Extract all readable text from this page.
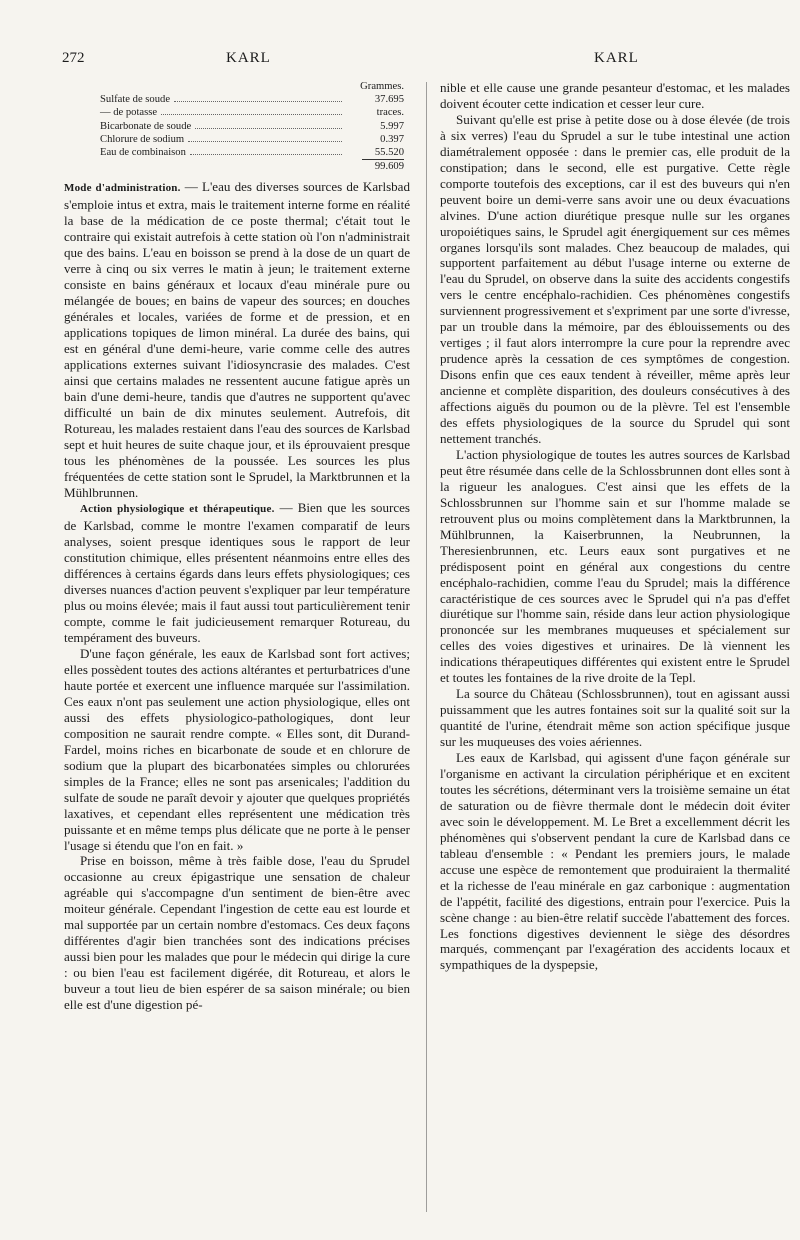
272	KARL	KARL
Grammes.
Sulfate de soude	37.695
— de potasse	traces.
Bicarbonate de soude	5.997
Chlorure de sodium	0.397
Eau de combinaison	55.520
99.609

Mode d'administration. — L'eau des diverses sources de Karlsbad s'emploie intus et extra, mais le traitement interne forme en réalité la base de la médication de ce poste thermal; c'était tout le contraire qui existait autrefois à cette station où l'on n'administrait que des bains. L'eau en boisson se prend à la dose de un quart de verre à cinq ou six verres le matin à jeun; le traitement externe consiste en bains généraux et locaux d'eau minérale pure ou mélangée de boues; en bains de vapeur des sources; en douches générales et locales, variées de forme et de pression, et en applications topiques de limon minéral. La durée des bains, qui est en général d'une demi-heure, varie comme celle des autres applications externes suivant l'idiosyncrasie des malades. C'est ainsi que certains malades ne ressentent aucune fatigue après un bain d'une demi-heure, tandis que d'autres ne supportent qu'avec difficulté un bain de dix minutes seulement. Autrefois, dit Rotureau, les malades restaient dans l'eau des sources de Karlsbad sept et huit heures de suite chaque jour, et ils éprouvaient presque tous les phénomènes de la poussée. Les sources les plus fréquentées de cette station sont le Sprudel, la Marktbrunnen et la Mühlbrunnen.

Action physiologique et thérapeutique. — Bien que les sources de Karlsbad, comme le montre l'examen comparatif de leurs analyses, soient presque identiques sous le rapport de leur constitution chimique, elles présentent néanmoins entre elles des différences à certains égards dans leurs effets physiologiques; ces diverses nuances d'action peuvent s'expliquer par leur température plus ou moins élevée; mais il faut aussi tout particulièrement tenir compte, comme le fait judicieusement remarquer Rotureau, du tempérament des buveurs.

D'une façon générale, les eaux de Karlsbad sont fort actives; elles possèdent toutes des actions altérantes et perturbatrices d'une haute portée et exercent une influence marquée sur l'assimilation. Ces eaux n'ont pas seulement une action physiologique, elles ont aussi des effets physiologico-pathologiques, dont leur composition ne saurait rendre compte. « Elles sont, dit Durand-Fardel, moins riches en bicarbonate de soude et en chlorure de sodium que la plupart des bicarbonatées simples ou chlorurées simples de la France; elles ne sont pas arsenicales; l'addition du sulfate de soude ne paraît devoir y ajouter que quelques propriétés laxatives, et cependant elles représentent une médication très puissante et en même temps plus délicate que ne porte à le penser l'usage si étendu que l'on en fait. »

Prise en boisson, même à très faible dose, l'eau du Sprudel occasionne au creux épigastrique une sensation de chaleur agréable qui s'accompagne d'un sentiment de bien-être avec moiteur générale. Cependant l'ingestion de cette eau est lourde et mal supportée par un certain nombre d'estomacs. Ces deux façons différentes d'agir bien tranchées sont des indications précises aussi bien pour les malades que pour le médecin qui dirige la cure : ou bien l'eau est facilement digérée, dit Rotureau, et alors le buveur a tout lieu de bien espérer de sa saison minérale; ou bien elle est d'une digestion pé-

nible et elle cause une grande pesanteur d'estomac, et les malades doivent écouter cette indication et cesser leur cure.

Suivant qu'elle est prise à petite dose ou à dose élevée (de trois à six verres) l'eau du Sprudel a sur le tube intestinal une action diamétralement opposée : dans le premier cas, elle produit de la constipation; dans le second, elle est purgative. Cette règle comporte toutefois des exceptions, car il est des buveurs qui n'en peuvent boire un demi-verre sans avoir une ou deux évacuations alvines. D'une action diurétique presque nulle sur les organes uropoiétiques sains, le Sprudel agit énergiquement sur ces mêmes organes lorsqu'ils sont malades. Chez beaucoup de malades, qui supportent parfaitement au début l'usage interne ou externe de l'eau du Sprudel, on observe dans la suite des accidents congestifs vers le centre encéphalo-rachidien. Ces phénomènes congestifs surviennent progressivement et s'expriment par une sorte d'ivresse, par un trouble dans la mémoire, par des éblouissements ou des vertiges ; il faut alors interrompre la cure pour la reprendre avec prudence après la cessation de ces symptômes de congestion. Disons enfin que ces eaux tendent à réveiller, même après leur ancienne et complète disparition, des douleurs consécutives à des affections aiguës du poumon ou de la plèvre. Tel est l'ensemble des effets physiologiques de la source du Sprudel qui sont nettement tranchés.

L'action physiologique de toutes les autres sources de Karlsbad peut être résumée dans celle de la Schlossbrunnen dont elles sont à la rigueur les analogues. C'est ainsi que les effets de la Schlossbrunnen sur l'homme sain et sur l'homme malade se retrouvent plus ou moins complètement dans la Marktbrunnen, la Mühlbrunnen, la Kaiserbrunnen, la Neubrunnen, la Theresienbrunnen, etc. Leurs eaux sont purgatives et ne prédisposent point en général aux congestions du centre encéphalo-rachidien, comme l'eau du Sprudel; mais la différence caractéristique de ces sources avec le Sprudel qui n'a pas d'effet diurétique sur l'homme sain, réside dans leur action physiologique prononcée sur les membranes muqueuses et spécialement sur celles des voies digestives et urinaires. De là viennent les indications thérapeutiques différentes qui existent entre le Sprudel et toutes les fontaines de la rive droite de la Tepl.

La source du Château (Schlossbrunnen), tout en agissant aussi puissamment que les autres fontaines soit sur la qualité soit sur la quantité de l'urine, étendrait même son action spécifique jusque sur les muqueuses des voies aériennes.

Les eaux de Karlsbad, qui agissent d'une façon générale sur l'organisme en activant la circulation périphérique et en excitent toutes les sécrétions, déterminant vers la troisième semaine un état de saturation ou de fièvre thermale dont le médecin doit éviter avec soin le développement. M. Le Bret a excellemment décrit les phénomènes qui s'observent pendant la cure de Karlsbad dans ce tableau d'ensemble : « Pendant les premiers jours, le malade accuse une espèce de remontement que produiraient la thermalité et la richesse de l'eau minérale en gaz carbonique : augmentation de l'appétit, facilité des digestions, entrain pour l'exercice. Puis la scène change : au bien-être relatif succède l'abattement des forces. Les fonctions digestives deviennent le siège des désordres marqués, commençant par l'exagération des accidents locaux et sympathiques de la dyspepsie,
